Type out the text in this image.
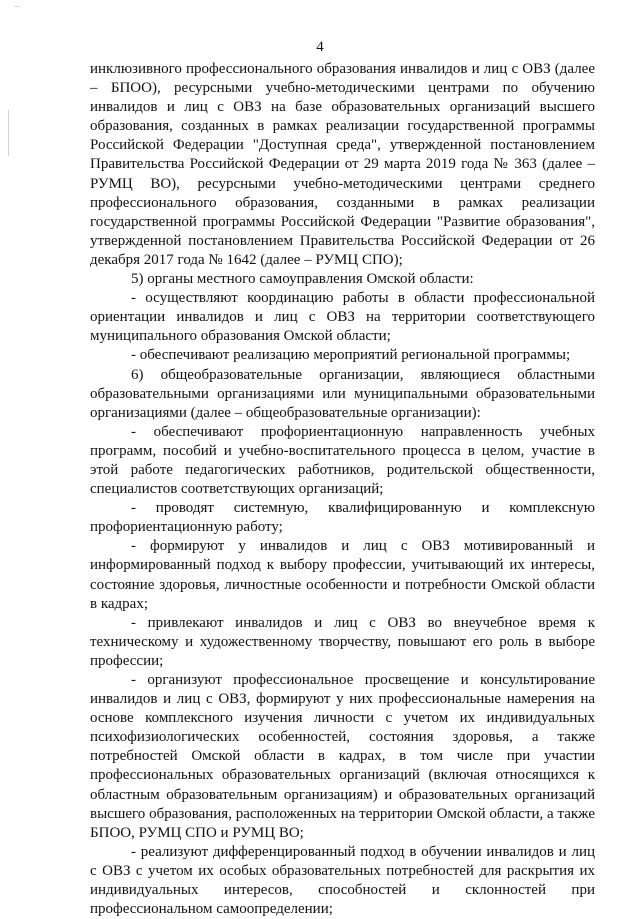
4

инклюзивного профессионального образования инвалидов и лиц с ОВЗ (далее – БПОО), ресурсными учебно-методическими центрами по обучению инвалидов и лиц с ОВЗ на базе образовательных организаций высшего образования, созданных в рамках реализации государственной программы Российской Федерации "Доступная среда", утвержденной постановлением Правительства Российской Федерации от 29 марта 2019 года № 363 (далее – РУМЦ ВО), ресурсными учебно-методическими центрами среднего профессионального образования, созданными в рамках реализации государственной программы Российской Федерации "Развитие образования", утвержденной постановлением Правительства Российской Федерации от 26 декабря 2017 года № 1642 (далее – РУМЦ СПО);

5) органы местного самоуправления Омской области:

- осуществляют координацию работы в области профессиональной ориентации инвалидов и лиц с ОВЗ на территории соответствующего муниципального образования Омской области;

- обеспечивают реализацию мероприятий региональной программы;

6) общеобразовательные организации, являющиеся областными образовательными организациями или муниципальными образовательными организациями (далее – общеобразовательные организации):

- обеспечивают профориентационную направленность учебных программ, пособий и учебно-воспитательного процесса в целом, участие в этой работе педагогических работников, родительской общественности, специалистов соответствующих организаций;

- проводят системную, квалифицированную и комплексную профориентационную работу;

- формируют у инвалидов и лиц с ОВЗ мотивированный и информированный подход к выбору профессии, учитывающий их интересы, состояние здоровья, личностные особенности и потребности Омской области в кадрах;

- привлекают инвалидов и лиц с ОВЗ во внеучебное время к техническому и художественному творчеству, повышают его роль в выборе профессии;

- организуют профессиональное просвещение и консультирование инвалидов и лиц с ОВЗ, формируют у них профессиональные намерения на основе комплексного изучения личности с учетом их индивидуальных психофизиологических особенностей, состояния здоровья, а также потребностей Омской области в кадрах, в том числе при участии профессиональных образовательных организаций (включая относящихся к областным образовательным организациям) и образовательных организаций высшего образования, расположенных на территории Омской области, а также БПОО, РУМЦ СПО и РУМЦ ВО;

- реализуют дифференцированный подход в обучении инвалидов и лиц с ОВЗ с учетом их особых образовательных потребностей для раскрытия их индивидуальных интересов, способностей и склонностей при профессиональном самоопределении;
